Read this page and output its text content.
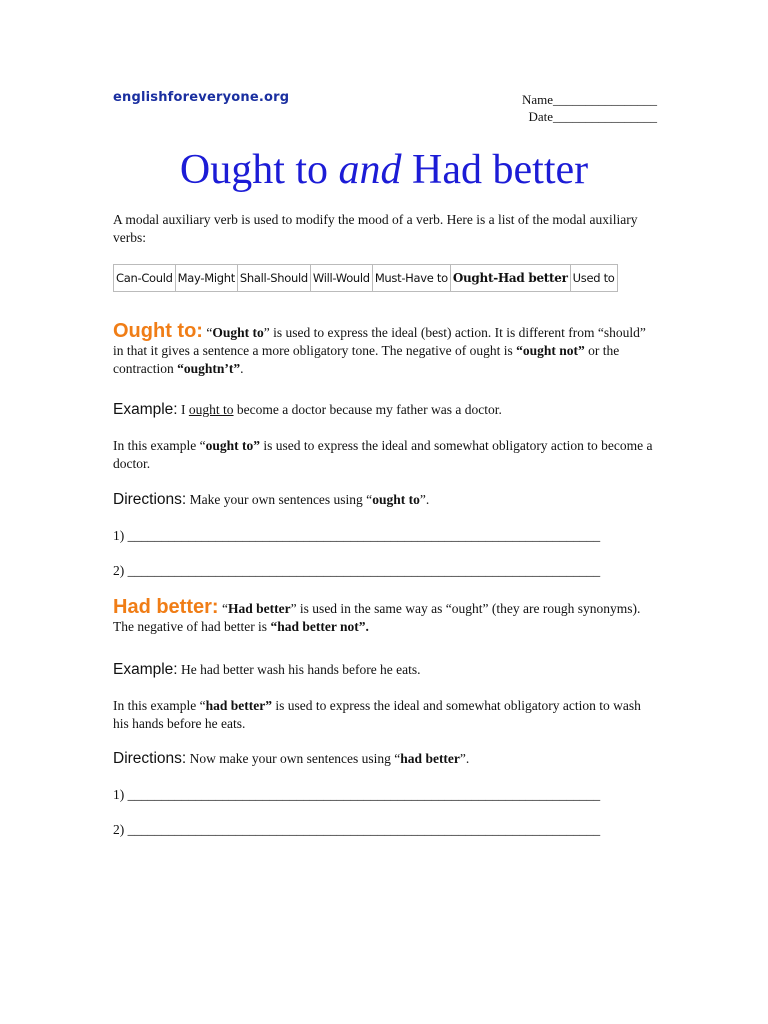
englishforeveryone.org	Name________________
Date________________
Ought to and Had better
A modal auxiliary verb is used to modify the mood of a verb. Here is a list of the modal auxiliary verbs:
Can-Could	May-Might	Shall-Should	Will-Would	Must-Have to	Ought-Had better	Used to
Ought to: “Ought to” is used to express the ideal (best) action. It is different from “should” in that it gives a sentence a more obligatory tone. The negative of ought is “ought not” or the contraction “oughtn’t”.
Example: I ought to become a doctor because my father was a doctor.
In this example “ought to” is used to express the ideal and somewhat obligatory action to become a doctor.
Directions: Make your own sentences using “ought to”.
1) ______________________________________________________________________
2) ______________________________________________________________________
Had better: “Had better” is used in the same way as “ought” (they are rough synonyms). The negative of had better is “had better not”.
Example: He had better wash his hands before he eats.
In this example “had better” is used to express the ideal and somewhat obligatory action to wash his hands before he eats.
Directions: Now make your own sentences using “had better”.
1) ______________________________________________________________________
2) ______________________________________________________________________
